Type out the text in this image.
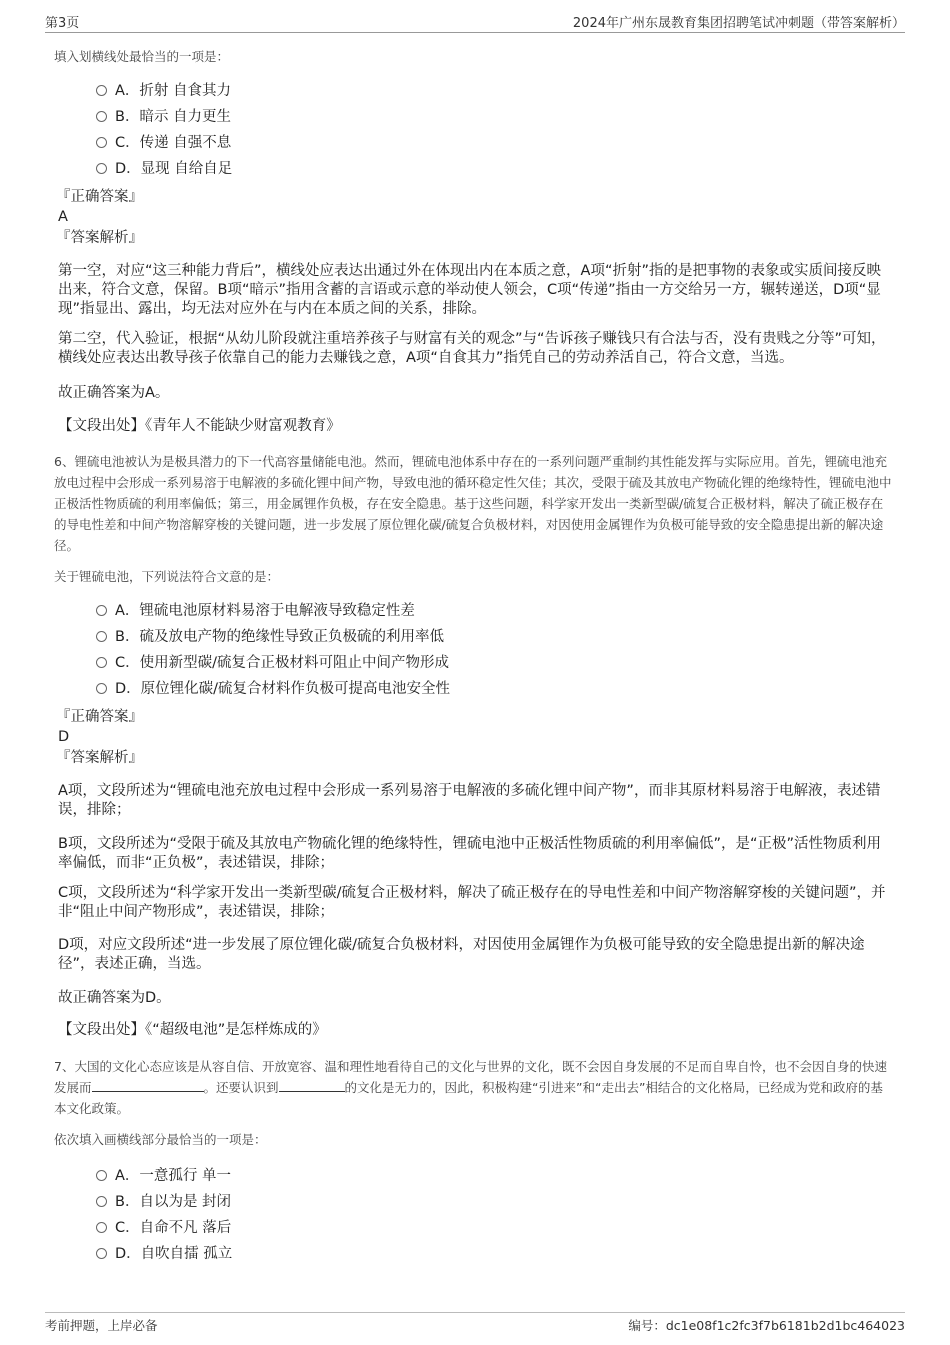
第3页	2024年广州东晟教育集团招聘笔试冲刺题（带答案解析）
填入划横线处最恰当的一项是：
A．折射 自食其力
B．暗示 自力更生
C．传递 自强不息
D．显现 自给自足
『正确答案』
A
『答案解析』
第一空，对应“这三种能力背后”，横线处应表达出通过外在体现出内在本质之意，A项“折射”指的是把事物的表象或实质间接反映出来，符合文意，保留。B项“暗示”指用含蓄的言语或示意的举动使人领会，C项“传递”指由一方交给另一方，辗转递送，D项“显现”指显出、露出，均无法对应外在与内在本质之间的关系，排除。
第二空，代入验证，根据“从幼儿阶段就注重培养孩子与财富有关的观念”与“告诉孩子赚钱只有合法与否，没有贵贱之分等”可知，横线处应表达出教导孩子依靠自己的能力去赚钱之意，A项“自食其力”指凭自己的劳动养活自己，符合文意，当选。
故正确答案为A。
【文段出处】《青年人不能缺少财富观教育》
6、锂硫电池被认为是极具潜力的下一代高容量储能电池。然而，锂硫电池体系中存在的一系列问题严重制约其性能发挥与实际应用。首先，锂硫电池充放电过程中会形成一系列易溶于电解液的多硫化锂中间产物，导致电池的循环稳定性欠佳；其次，受限于硫及其放电产物硫化锂的绝缘特性，锂硫电池中正极活性物质硫的利用率偏低；第三，用金属锂作负极，存在安全隐患。基于这些问题，科学家开发出一类新型碳/硫复合正极材料，解决了硫正极存在的导电性差和中间产物溶解穿梭的关键问题，进一步发展了原位锂化碳/硫复合负极材料，对因使用金属锂作为负极可能导致的安全隐患提出新的解决途径。
关于锂硫电池，下列说法符合文意的是：
A．锂硫电池原材料易溶于电解液导致稳定性差
B．硫及放电产物的绝缘性导致正负极硫的利用率低
C．使用新型碳/硫复合正极材料可阻止中间产物形成
D．原位锂化碳/硫复合材料作负极可提高电池安全性
『正确答案』
D
『答案解析』
A项，文段所述为“锂硫电池充放电过程中会形成一系列易溶于电解液的多硫化锂中间产物”，而非其原材料易溶于电解液，表述错误，排除；
B项，文段所述为“受限于硫及其放电产物硫化锂的绝缘特性，锂硫电池中正极活性物质硫的利用率偏低”，是“正极”活性物质利用率偏低，而非“正负极”，表述错误，排除；
C项，文段所述为“科学家开发出一类新型碳/硫复合正极材料，解决了硫正极存在的导电性差和中间产物溶解穿梭的关键问题”，并非“阻止中间产物形成”，表述错误，排除；
D项，对应文段所述“进一步发展了原位锂化碳/硫复合负极材料，对因使用金属锂作为负极可能导致的安全隐患提出新的解决途径”，表述正确，当选。
故正确答案为D。
【文段出处】《“超级电池”是怎样炼成的》
7、大国的文化心态应该是从容自信、开放宽容、温和理性地看待自己的文化与世界的文化，既不会因自身发展的不足而自卑自怜，也不会因自身的快速发展而	。还要认识到	的文化是无力的，因此，积极构建“引进来”和“走出去”相结合的文化格局，已经成为党和政府的基本文化政策。
依次填入画横线部分最恰当的一项是：
A．一意孤行 单一
B．自以为是 封闭
C．自命不凡 落后
D．自吹自擂 孤立
考前押题，上岸必备	编号：dc1e08f1c2fc3f7b6181b2d1bc464023
